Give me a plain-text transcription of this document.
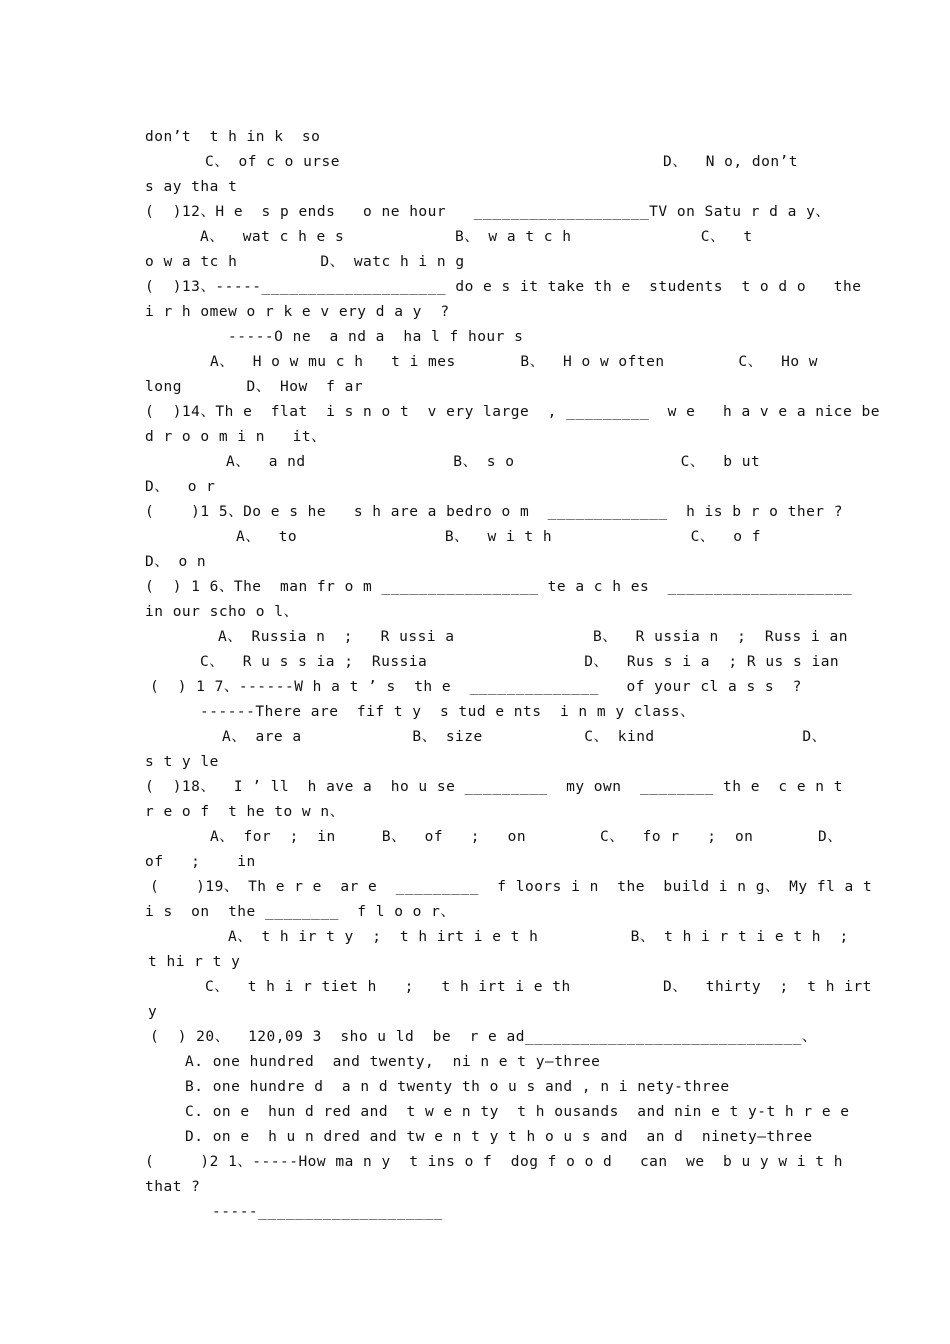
don’t  t h in k  so
C、 of c o urse                                   D、  N o, don’t
s ay tha t
(  )12、H e  s p ends   o ne hour   ___________________TV on Satu r d a y、
A、  wat c h e s            B、 w a t c h              C、  t
o w a tc h         D、 watc h i n g
(  )13、-----____________________ do e s it take th e  students  t o d o   the
i r h omew o r k e v ery d a y  ?
-----O ne  a nd a  ha l f hour s
A、  H o w mu c h   t i mes       B、  H o w often        C、  Ho w
long       D、 How  f ar
(  )14、Th e  flat  i s n o t  v ery large  , _________  w e   h a v e a nice be
d r o o m i n   it、
A、  a nd                B、 s o                  C、  b ut
D、  o r
(    )1 5、Do e s he   s h are a bedro o m  _____________  h is b r o ther ?
A、  to                B、  w i t h               C、  o f
D、 o n
(  ) 1 6、The  man fr o m _________________ te a c h es  ____________________
in our scho o l、
A、 Russia n  ;   R ussi a               B、  R ussia n  ;  Russ i an
C、  R u s s ia ;  Russia                 D、  Rus s i a  ; R us s ian
(  ) 1 7、------W h a t ’ s  th e  ______________   of your cl a s s  ?
------There are  fif t y  s tud e nts  i n m y class、
A、 are a            B、 size           C、 kind                D、
s t y le
(  )18、  I ’ ll  h ave a  ho u se _________  my own  ________ th e  c e n t
r e o f  t he to w n、
A、 for  ;  in     B、  of   ;   on        C、  fo r   ;  on       D、
of   ;    in
(    )19、 Th e r e  ar e  _________  f loors i n  the  build i n g、 My fl a t
i s  on  the ________  f l o o r、
A、 t h ir t y  ;  t h irt i e t h          B、 t h i r t i e t h  ;
t hi r t y
C、  t h i r tiet h   ;   t h irt i e th          D、  thirty  ;  t h irt
y
(  ) 20、  120,09 3  sho u ld  be  r e ad______________________________、
A. one hundred  and twenty,  ni n e t y—three
B. one hundre d  a n d twenty th o u s and , n i nety-three
C. on e  hun d red and  t w e n ty  t h ousands  and nin e t y-t h r e e
D. on e  h u n dred and tw e n t y t h o u s and  an d  ninety—three
(     )2 1、-----How ma n y  t ins o f  dog f o o d   can  we  b u y w i t h
that ?
-----____________________
